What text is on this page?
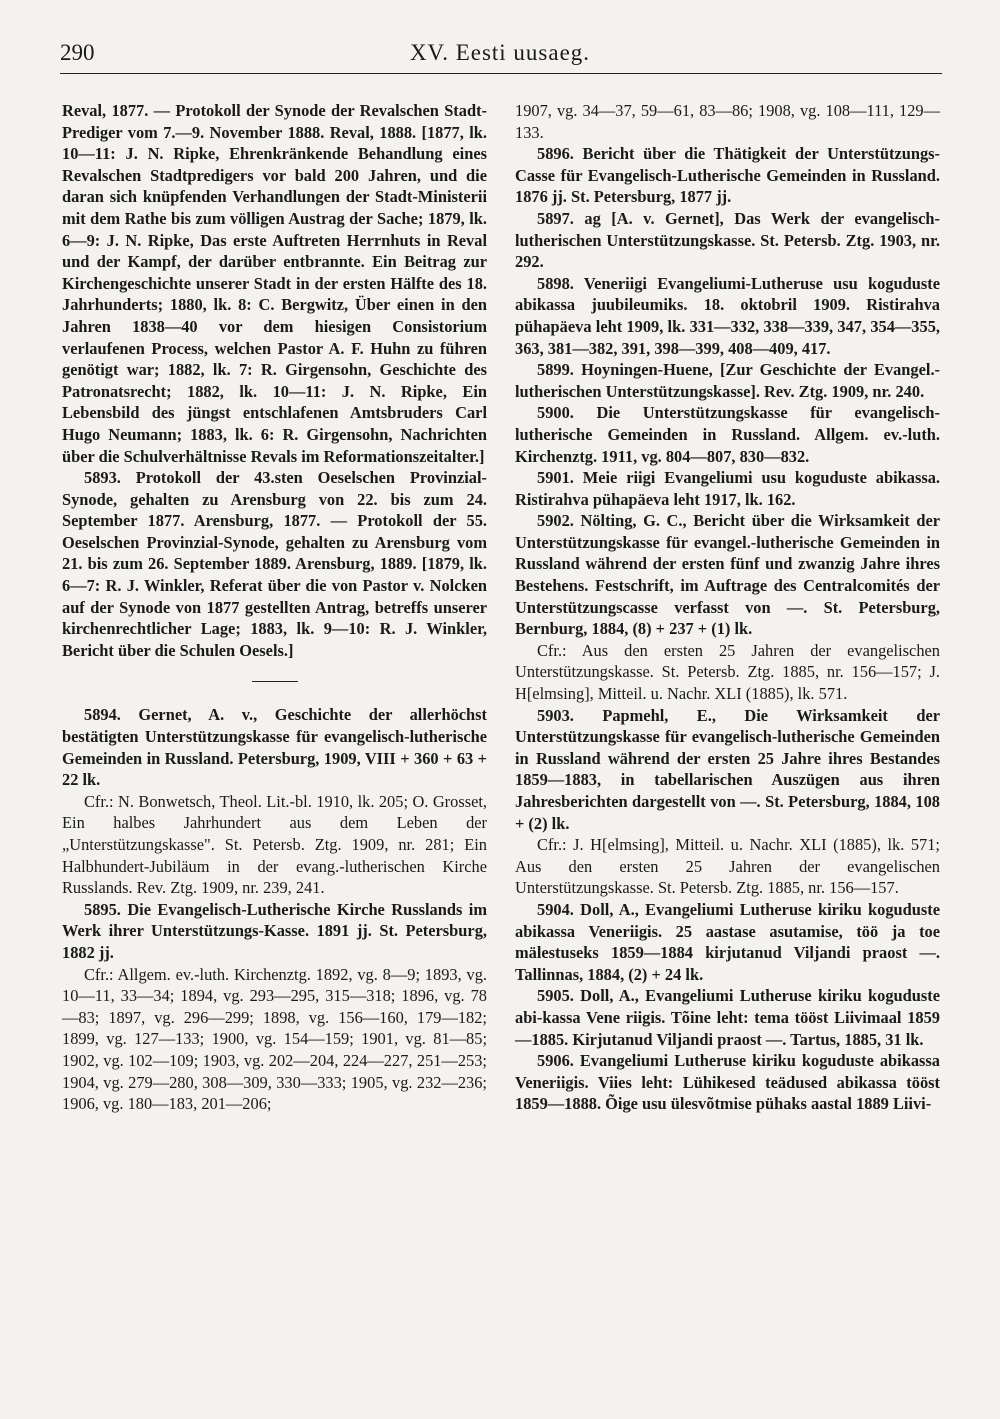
290	XV. Eesti uusaeg.

Reval, 1877. — Protokoll der Synode der Revalschen Stadt-Prediger vom 7.—9. November 1888. Reval, 1888. [1877, lk. 10—11: J. N. Ripke, Ehrenkränkende Behandlung eines Revalschen Stadtpredigers vor bald 200 Jahren, und die daran sich knüpfenden Verhandlungen der Stadt-Ministerii mit dem Rathe bis zum völligen Austrag der Sache; 1879, lk. 6—9: J. N. Ripke, Das erste Auftreten Herrnhuts in Reval und der Kampf, der darüber entbrannte. Ein Beitrag zur Kirchengeschichte unserer Stadt in der ersten Hälfte des 18. Jahrhunderts; 1880, lk. 8: C. Bergwitz, Über einen in den Jahren 1838—40 vor dem hiesigen Consistorium verlaufenen Process, welchen Pastor A. F. Huhn zu führen genötigt war; 1882, lk. 7: R. Girgensohn, Geschichte des Patronatsrecht; 1882, lk. 10—11: J. N. Ripke, Ein Lebensbild des jüngst entschlafenen Amtsbruders Carl Hugo Neumann; 1883, lk. 6: R. Girgensohn, Nachrichten über die Schulverhältnisse Revals im Reformationszeitalter.]

5893. Protokoll der 43.sten Oeselschen Provinzial-Synode, gehalten zu Arensburg von 22. bis zum 24. September 1877. Arensburg, 1877. — Protokoll der 55. Oeselschen Provinzial-Synode, gehalten zu Arensburg vom 21. bis zum 26. September 1889. Arensburg, 1889. [1879, lk. 6—7: R. J. Winkler, Referat über die von Pastor v. Nolcken auf der Synode von 1877 gestellten Antrag, betreffs unserer kirchenrechtlicher Lage; 1883, lk. 9—10: R. J. Winkler, Bericht über die Schulen Oesels.]

5894. Gernet, A. v., Geschichte der allerhöchst bestätigten Unterstützungskasse für evangelisch-lutherische Gemeinden in Russland. Petersburg, 1909, VIII + 360 + 63 + 22 lk.

Cfr.: N. Bonwetsch, Theol. Lit.-bl. 1910, lk. 205; O. Grosset, Ein halbes Jahrhundert aus dem Leben der „Unterstützungskasse". St. Petersb. Ztg. 1909, nr. 281; Ein Halbhundert-Jubiläum in der evang.-lutherischen Kirche Russlands. Rev. Ztg. 1909, nr. 239, 241.

5895. Die Evangelisch-Lutherische Kirche Russlands im Werk ihrer Unterstützungs-Kasse. 1891 jj. St. Petersburg, 1882 jj.

Cfr.: Allgem. ev.-luth. Kirchenztg. 1892, vg. 8—9; 1893, vg. 10—11, 33—34; 1894, vg. 293—295, 315—318; 1896, vg. 78—83; 1897, vg. 296—299; 1898, vg. 156—160, 179—182; 1899, vg. 127—133; 1900, vg. 154—159; 1901, vg. 81—85; 1902, vg. 102—109; 1903, vg. 202—204, 224—227, 251—253; 1904, vg. 279—280, 308—309, 330—333; 1905, vg. 232—236; 1906, vg. 180—183, 201—206;

1907, vg. 34—37, 59—61, 83—86; 1908, vg. 108—111, 129—133.

5896. Bericht über die Thätigkeit der Unterstützungs-Casse für Evangelisch-Lutherische Gemeinden in Russland. 1876 jj. St. Petersburg, 1877 jj.

5897. ag [A. v. Gernet], Das Werk der evangelisch-lutherischen Unterstützungskasse. St. Petersb. Ztg. 1903, nr. 292.

5898. Veneriigi Evangeliumi-Lutheruse usu koguduste abikassa juubileumiks. 18. oktobril 1909. Ristirahva pühapäeva leht 1909, lk. 331—332, 338—339, 347, 354—355, 363, 381—382, 391, 398—399, 408—409, 417.

5899. Hoyningen-Huene, [Zur Geschichte der Evangel.-lutherischen Unterstützungskasse]. Rev. Ztg. 1909, nr. 240.

5900. Die Unterstützungskasse für evangelisch-lutherische Gemeinden in Russland. Allgem. ev.-luth. Kirchenztg. 1911, vg. 804—807, 830—832.

5901. Meie riigi Evangeliumi usu koguduste abikassa. Ristirahva pühapäeva leht 1917, lk. 162.

5902. Nölting, G. C., Bericht über die Wirksamkeit der Unterstützungskasse für evangel.-lutherische Gemeinden in Russland während der ersten fünf und zwanzig Jahre ihres Bestehens. Festschrift, im Auftrage des Centralcomités der Unterstützungscasse verfasst von —. St. Petersburg, Bernburg, 1884, (8) + 237 + (1) lk.

Cfr.: Aus den ersten 25 Jahren der evangelischen Unterstützungskasse. St. Petersb. Ztg. 1885, nr. 156—157; J. H[elmsing], Mitteil. u. Nachr. XLI (1885), lk. 571.

5903. Papmehl, E., Die Wirksamkeit der Unterstützungskasse für evangelisch-lutherische Gemeinden in Russland während der ersten 25 Jahre ihres Bestandes 1859—1883, in tabellarischen Auszügen aus ihren Jahresberichten dargestellt von —. St. Petersburg, 1884, 108 + (2) lk.

Cfr.: J. H[elmsing], Mitteil. u. Nachr. XLI (1885), lk. 571; Aus den ersten 25 Jahren der evangelischen Unterstützungskasse. St. Petersb. Ztg. 1885, nr. 156—157.

5904. Doll, A., Evangeliumi Lutheruse kiriku koguduste abikassa Veneriigis. 25 aastase asutamise, töö ja toe mälestuseks 1859—1884 kirjutanud Viljandi praost —. Tallinnas, 1884, (2) + 24 lk.

5905. Doll, A., Evangeliumi Lutheruse kiriku koguduste abi-kassa Vene riigis. Tõine leht: tema tööst Liivimaal 1859—1885. Kirjutanud Viljandi praost —. Tartus, 1885, 31 lk.

5906. Evangeliumi Lutheruse kiriku koguduste abikassa Veneriigis. Viies leht: Lühikesed teädused abikassa tööst 1859—1888. Õige usu ülesvõtmise pühaks aastal 1889 Liivi-
